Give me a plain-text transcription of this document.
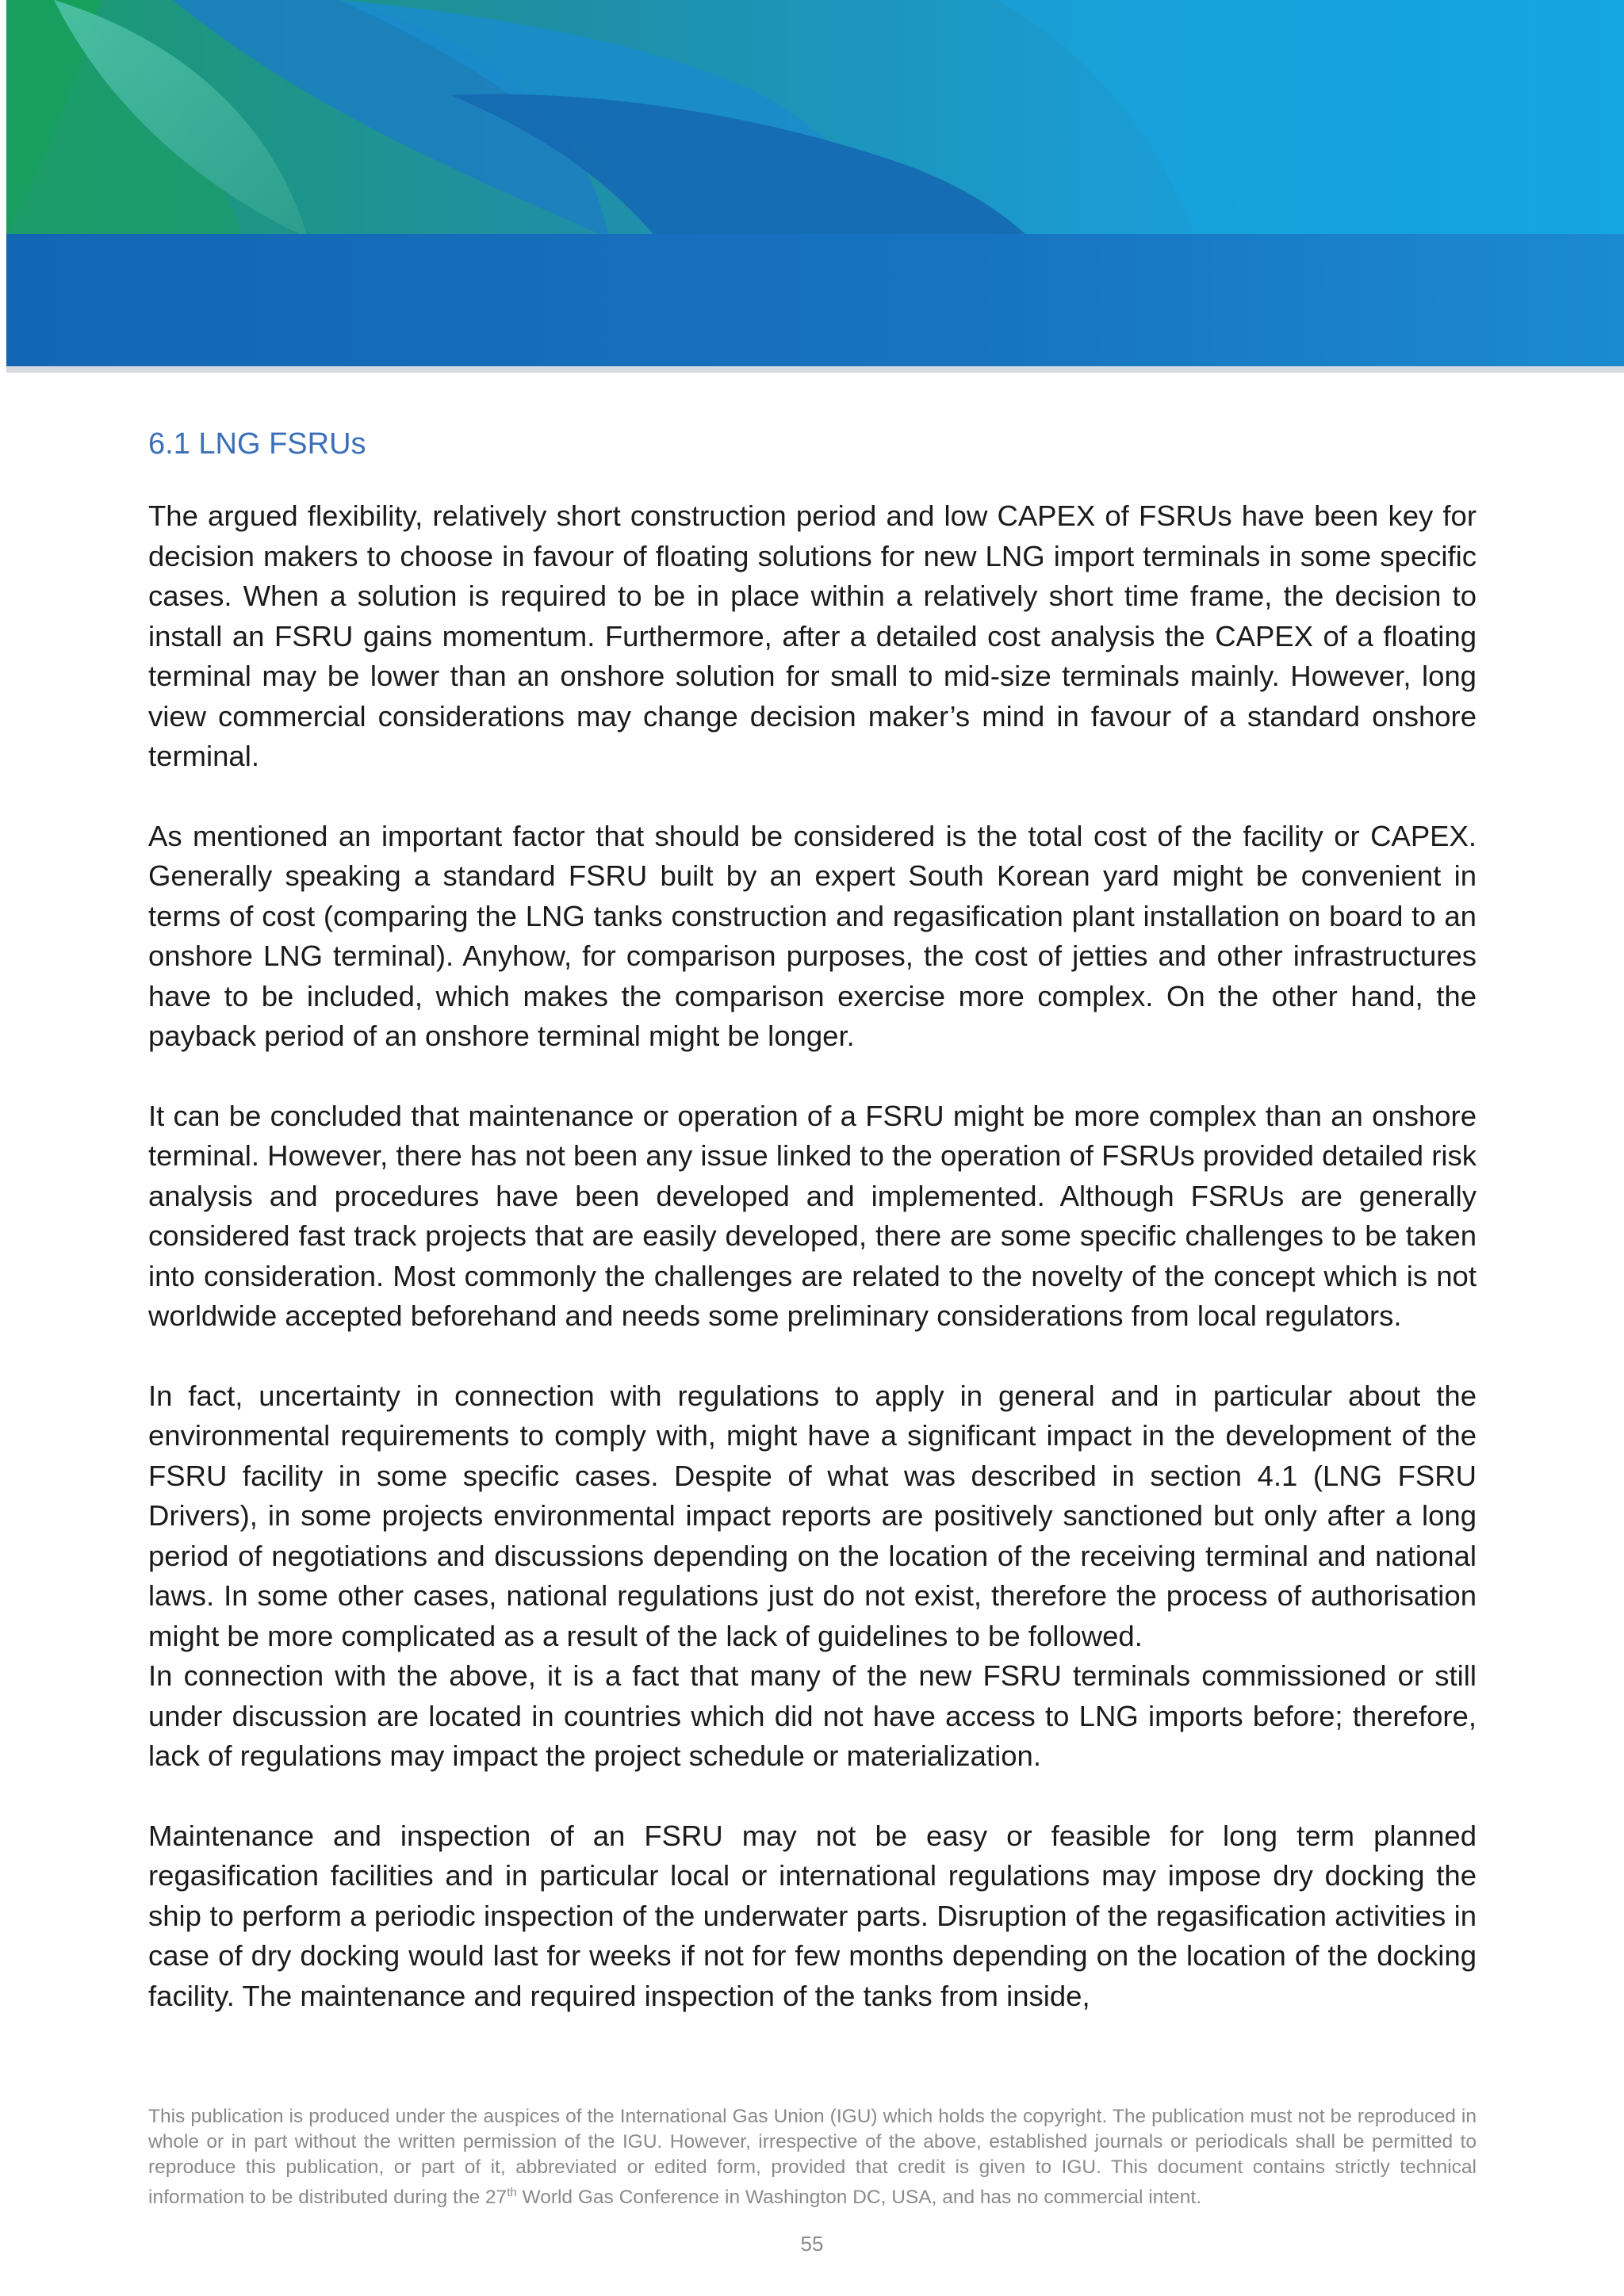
6.1 LNG FSRUs

The argued flexibility, relatively short construction period and low CAPEX of FSRUs have been key for decision makers to choose in favour of floating solutions for new LNG import terminals in some specific cases. When a solution is required to be in place within a relatively short time frame, the decision to install an FSRU gains momentum. Furthermore, after a detailed cost analysis the CAPEX of a floating terminal may be lower than an onshore solution for small to mid-size terminals mainly. However, long view commercial considerations may change decision maker’s mind in favour of a standard onshore terminal.

As mentioned an important factor that should be considered is the total cost of the facility or CAPEX. Generally speaking a standard FSRU built by an expert South Korean yard might be convenient in terms of cost (comparing the LNG tanks construction and regasification plant installation on board to an onshore LNG terminal). Anyhow, for comparison purposes, the cost of jetties and other infrastructures have to be included, which makes the comparison exercise more complex. On the other hand, the payback period of an onshore terminal might be longer.

It can be concluded that maintenance or operation of a FSRU might be more complex than an onshore terminal. However, there has not been any issue linked to the operation of FSRUs provided detailed risk analysis and procedures have been developed and implemented. Although FSRUs are generally considered fast track projects that are easily developed, there are some specific challenges to be taken into consideration. Most commonly the challenges are related to the novelty of the concept which is not worldwide accepted beforehand and needs some preliminary considerations from local regulators.

In fact, uncertainty in connection with regulations to apply in general and in particular about the environmental requirements to comply with, might have a significant impact in the development of the FSRU facility in some specific cases. Despite of what was described in section 4.1 (LNG FSRU Drivers), in some projects environmental impact reports are positively sanctioned but only after a long period of negotiations and discussions depending on the location of the receiving terminal and national laws. In some other cases, national regulations just do not exist, therefore the process of authorisation might be more complicated as a result of the lack of guidelines to be followed.

In connection with the above, it is a fact that many of the new FSRU terminals commissioned or still under discussion are located in countries which did not have access to LNG imports before; therefore, lack of regulations may impact the project schedule or materialization.

Maintenance and inspection of an FSRU may not be easy or feasible for long term planned regasification facilities and in particular local or international regulations may impose dry docking the ship to perform a periodic inspection of the underwater parts. Disruption of the regasification activities in case of dry docking would last for weeks if not for few months depending on the location of the docking facility. The maintenance and required inspection of the tanks from inside,

This publication is produced under the auspices of the International Gas Union (IGU) which holds the copyright. The publication must not be reproduced in whole or in part without the written permission of the IGU. However, irrespective of the above, established journals or periodicals shall be permitted to reproduce this publication, or part of it, abbreviated or edited form, provided that credit is given to IGU. This document contains strictly technical information to be distributed during the 27th World Gas Conference in Washington DC, USA, and has no commercial intent.
55
